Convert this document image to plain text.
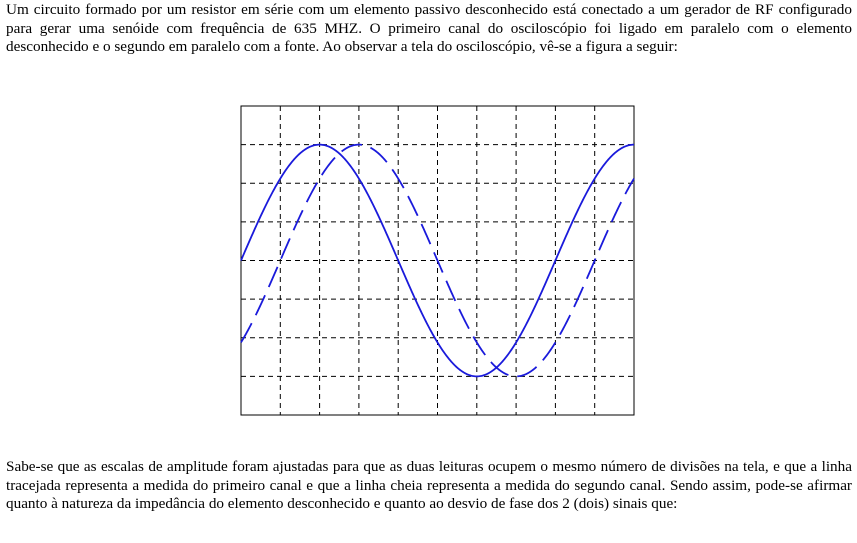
Um circuito formado por um resistor em série com um elemento passivo desconhecido está conectado a um gerador de RF configurado para gerar uma senóide com frequência de 635 MHZ. O primeiro canal do osciloscópio foi ligado em paralelo com o elemento desconhecido e o segundo em paralelo com a fonte. Ao observar a tela do osciloscópio, vê-se a figura a seguir:

Sabe-se que as escalas de amplitude foram ajustadas para que as duas leituras ocupem o mesmo número de divisões na tela, e que a linha tracejada representa a medida do primeiro canal e que a linha cheia representa a medida do segundo canal. Sendo assim, pode-se afirmar quanto à natureza da impedância do elemento desconhecido e quanto ao desvio de fase dos 2 (dois) sinais que:
